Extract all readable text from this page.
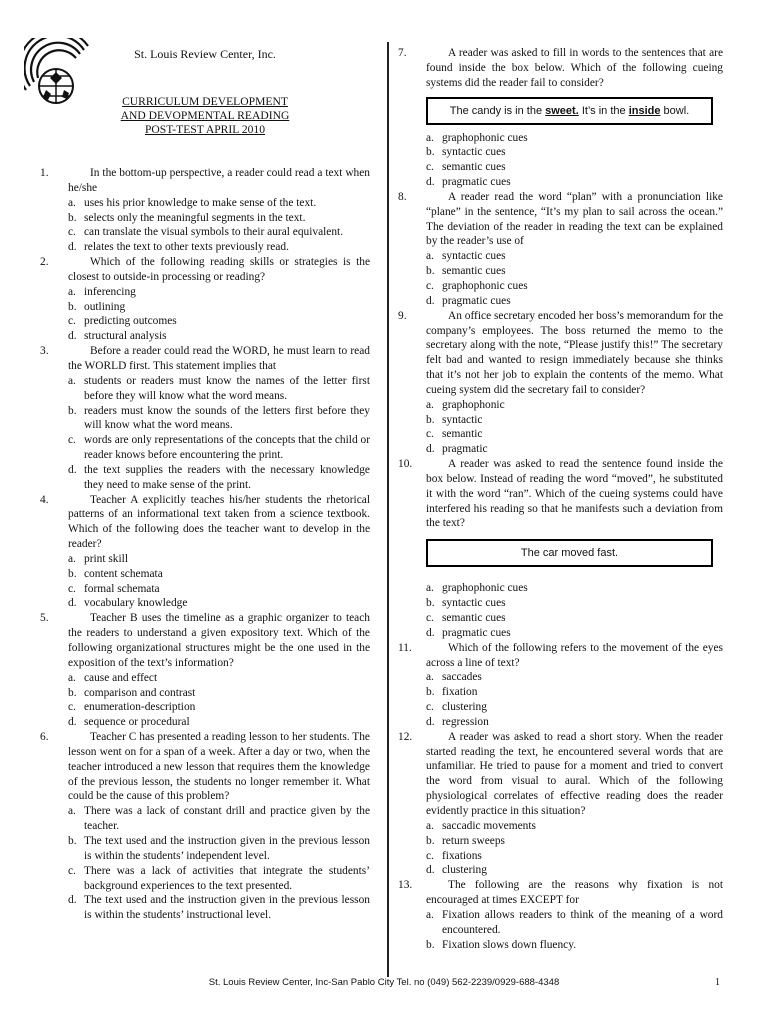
St. Louis Review Center, Inc.
CURRICULUM DEVELOPMENT
AND DEVOPMENTAL READING
POST-TEST APRIL 2010
1.	In the bottom-up perspective, a reader could read a text when he/she
a. uses his prior knowledge to make sense of the text.
b. selects only the meaningful segments in the text.
c. can translate the visual symbols to their aural equivalent.
d. relates the text to other texts previously read.
2.	Which of the following reading skills or strategies is the closest to outside-in processing or reading?
a. inferencing
b. outlining
c. predicting outcomes
d. structural analysis
3.	Before a reader could read the WORD, he must learn to read the WORLD first. This statement implies that
a. students or readers must know the names of the letter first before they will know what the word means.
b. readers must know the sounds of the letters first before they will know what the word means.
c. words are only representations of the concepts that the child or reader knows before encountering the print.
d. the text supplies the readers with the necessary knowledge they need to make sense of the print.
4.	Teacher A explicitly teaches his/her students the rhetorical patterns of an informational text taken from a science textbook. Which of the following does the teacher want to develop in the reader?
a. print skill
b. content schemata
c. formal schemata
d. vocabulary knowledge
5.	Teacher B uses the timeline as a graphic organizer to teach the readers to understand a given expository text. Which of the following organizational structures might be the one used in the exposition of the text’s information?
a. cause and effect
b. comparison and contrast
c. enumeration-description
d. sequence or procedural
6.	Teacher C has presented a reading lesson to her students. The lesson went on for a span of a week. After a day or two, when the teacher introduced a new lesson that requires them the knowledge of the previous lesson, the students no longer remember it. What could be the cause of this problem?
a. There was a lack of constant drill and practice given by the teacher.
b. The text used and the instruction given in the previous lesson is within the students’ independent level.
c. There was a lack of activities that integrate the students’ background experiences to the text presented.
d. The text used and the instruction given in the previous lesson is within the students’ instructional level.
7.	A reader was asked to fill in words to the sentences that are found inside the box below. Which of the following cueing systems did the reader fail to consider?
The candy is in the sweet. It’s in the inside bowl.
a. graphophonic cues
b. syntactic cues
c. semantic cues
d. pragmatic cues
8.	A reader read the word “plan” with a pronunciation like “plane” in the sentence, “It’s my plan to sail across the ocean.” The deviation of the reader in reading the text can be explained by the reader’s use of
a. syntactic cues
b. semantic cues
c. graphophonic cues
d. pragmatic cues
9.	An office secretary encoded her boss’s memorandum for the company’s employees. The boss returned the memo to the secretary along with the note, “Please justify this!” The secretary felt bad and wanted to resign immediately because she thinks that it’s not her job to explain the contents of the memo. What cueing system did the secretary fail to consider?
a. graphophonic
b. syntactic
c. semantic
d. pragmatic
10.	A reader was asked to read the sentence found inside the box below. Instead of reading the word “moved”, he substituted it with the word “ran”. Which of the cueing systems could have interfered his reading so that he manifests such a deviation from the text?
The car moved fast.
a. graphophonic cues
b. syntactic cues
c. semantic cues
d. pragmatic cues
11.	Which of the following refers to the movement of the eyes across a line of text?
a. saccades
b. fixation
c. clustering
d. regression
12.	A reader was asked to read a short story. When the reader started reading the text, he encountered several words that are unfamiliar. He tried to pause for a moment and tried to convert the word from visual to aural. Which of the following physiological correlates of effective reading does the reader evidently practice in this situation?
a. saccadic movements
b. return sweeps
c. fixations
d. clustering
13.	The following are the reasons why fixation is not encouraged at times EXCEPT for
a. Fixation allows readers to think of the meaning of a word encountered.
b. Fixation slows down fluency.
St. Louis Review Center, Inc-San Pablo City Tel. no (049) 562-2239/0929-688-4348	1
